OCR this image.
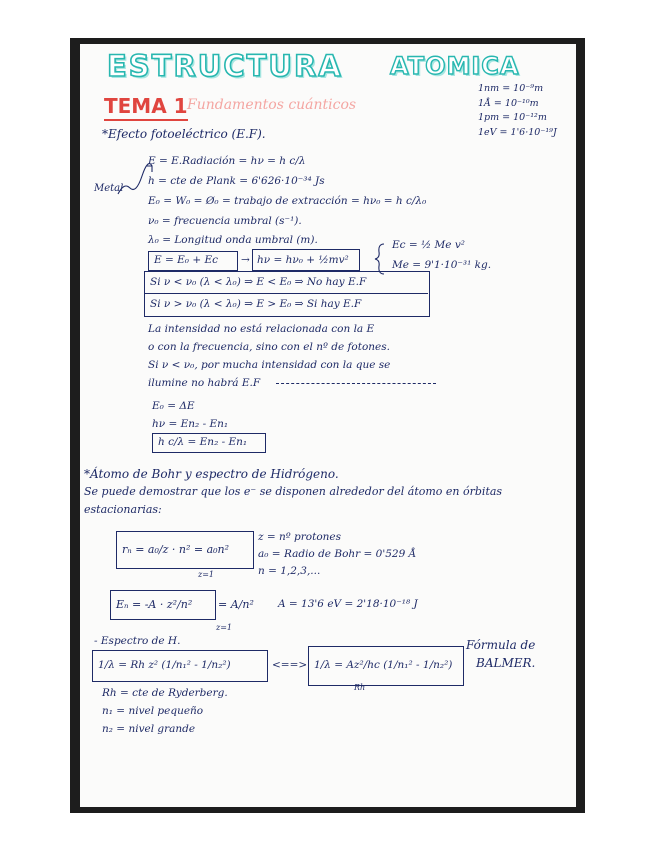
ESTRUCTURA ATOMICA
TEMA 1 Fundamentos cuánticos
1nm = 10⁻⁹m
1Å = 10⁻¹⁰m
1pm = 10⁻¹²m
1eV = 1'6·10⁻¹⁹J
*Efecto fotoeléctrico (E.F).
Metal
E = E.Radiación = hν = h c/λ
h = cte de Plank = 6'626·10⁻³⁴ Js
E₀ = W₀ = Ø₀ = trabajo de extracción = hν₀ = h c/λ₀
ν₀ = frecuencia umbral (s⁻¹).
λ₀ = Longitud onda umbral (m).
E = E₀ + Ec → hν = hν₀ + ½mv²
Ec = ½ Me v²
Me = 9'1·10⁻³¹ kg.
Si ν < ν₀ (λ < λ₀) ⇒ E < E₀ ⇒ No hay E.F
Si ν > ν₀ (λ < λ₀) ⇒ E > E₀ ⇒ Si hay E.F
La intensidad no está relacionada con la E
o con la frecuencia, sino con el nº de fotones.
Si ν < ν₀, por mucha intensidad con la que se
ilumine no habrá E.F
E₀ = ΔE
hν = En₂ - En₁
h c/λ = En₂ - En₁
*Átomo de Bohr y espectro de Hidrógeno.
Se puede demostrar que los e⁻ se disponen alrededor del átomo en órbitas
estacionarias:
rₙ = a₀/z · n² = a₀n²
z=1
z = nº protones
a₀ = Radio de Bohr = 0'529 Å
n = 1,2,3,...
Eₙ = -A · z²/n² = A/n²
z=1
A = 13'6 eV = 2'18·10⁻¹⁸ J
- Espectro de H.
1/λ = Rh z² (1/n₁² - 1/n₂²)	<==> 1/λ = Az²/hc (1/n₁² - 1/n₂²)
Rh
Fórmula de
BALMER.
Rh = cte de Ryderberg.
n₁ = nivel pequeño
n₂ = nivel grande
